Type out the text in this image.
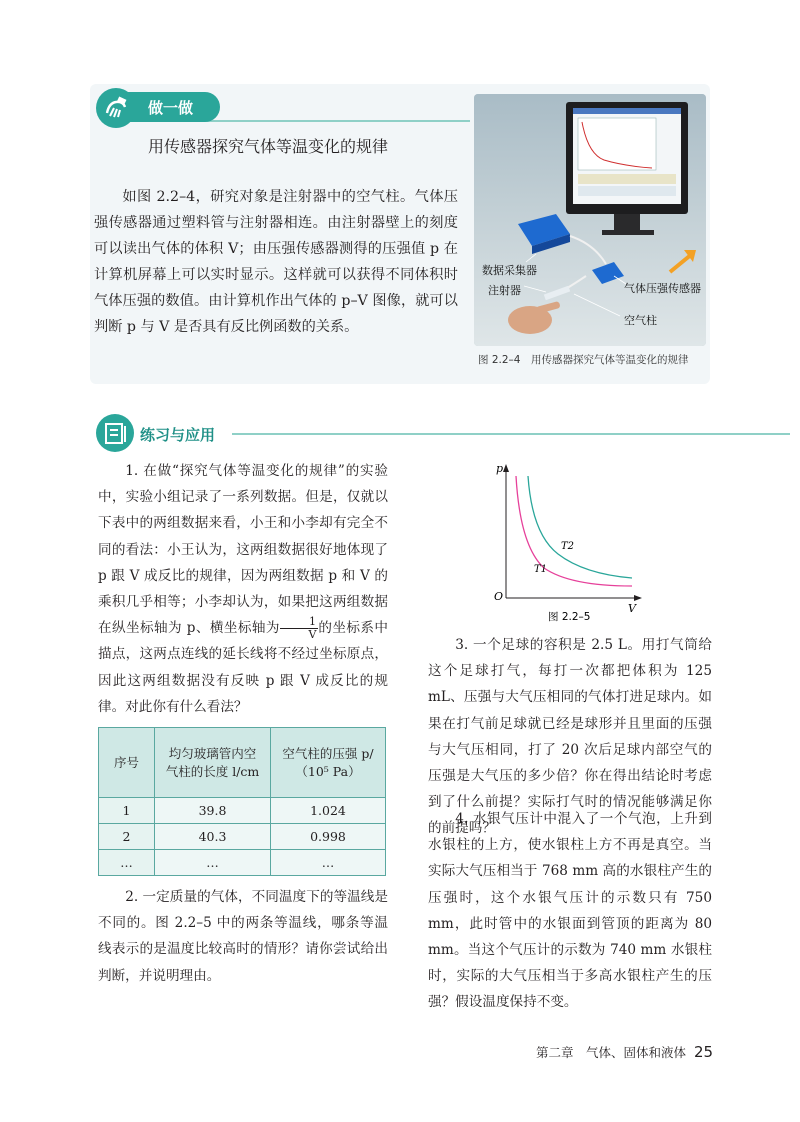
做一做
用传感器探究气体等温变化的规律

如图 2.2–4，研究对象是注射器中的空气柱。气体压强传感器通过塑料管与注射器相连。由注射器壁上的刻度可以读出气体的体积 V；由压强传感器测得的压强值 p 在计算机屏幕上可以实时显示。这样就可以获得不同体积时气体压强的数值。由计算机作出气体的 p–V 图像，就可以判断 p 与 V 是否具有反比例函数的关系。

数据采集器
注射器	气体压强传感器
空气柱
图 2.2–4　用传感器探究气体等温变化的规律
练习与应用

1. 在做“探究气体等温变化的规律”的实验中，实验小组记录了一系列数据。但是，仅就以下表中的两组数据来看，小王和小李却有完全不同的看法：小王认为，这两组数据很好地体现了 p 跟 V 成反比的规律，因为两组数据 p 和 V 的乘积几乎相等；小李却认为，如果把这两组数据在纵坐标轴为 p、横坐标轴为 $\frac{1}{V}$ 的坐标系中描点，这两点连线的延长线将不经过坐标原点，因此这两组数据没有反映 p 跟 V 成反比的规律。对此你有什么看法？

序号	均匀玻璃管内空气柱的长度 l/cm	空气柱的压强 p/（10⁵ Pa）
1	39.8	1.024
2	40.3	0.998
…	…	…

2. 一定质量的气体，不同温度下的等温线是不同的。图 2.2–5 中的两条等温线，哪条等温线表示的是温度比较高时的情形？请你尝试给出判断，并说明理由。

p
V
O
T1
T2
图 2.2–5

3. 一个足球的容积是 2.5 L。用打气筒给这个足球打气，每打一次都把体积为 125 mL、压强与大气压相同的气体打进足球内。如果在打气前足球就已经是球形并且里面的压强与大气压相同，打了 20 次后足球内部空气的压强是大气压的多少倍？你在得出结论时考虑到了什么前提？实际打气时的情况能够满足你的前提吗？

4. 水银气压计中混入了一个气泡，上升到水银柱的上方，使水银柱上方不再是真空。当实际大气压相当于 768 mm 高的水银柱产生的压强时，这个水银气压计的示数只有 750 mm，此时管中的水银面到管顶的距离为 80 mm。当这个气压计的示数为 740 mm 水银柱时，实际的大气压相当于多高水银柱产生的压强？假设温度保持不变。

第二章　气体、固体和液体 25
